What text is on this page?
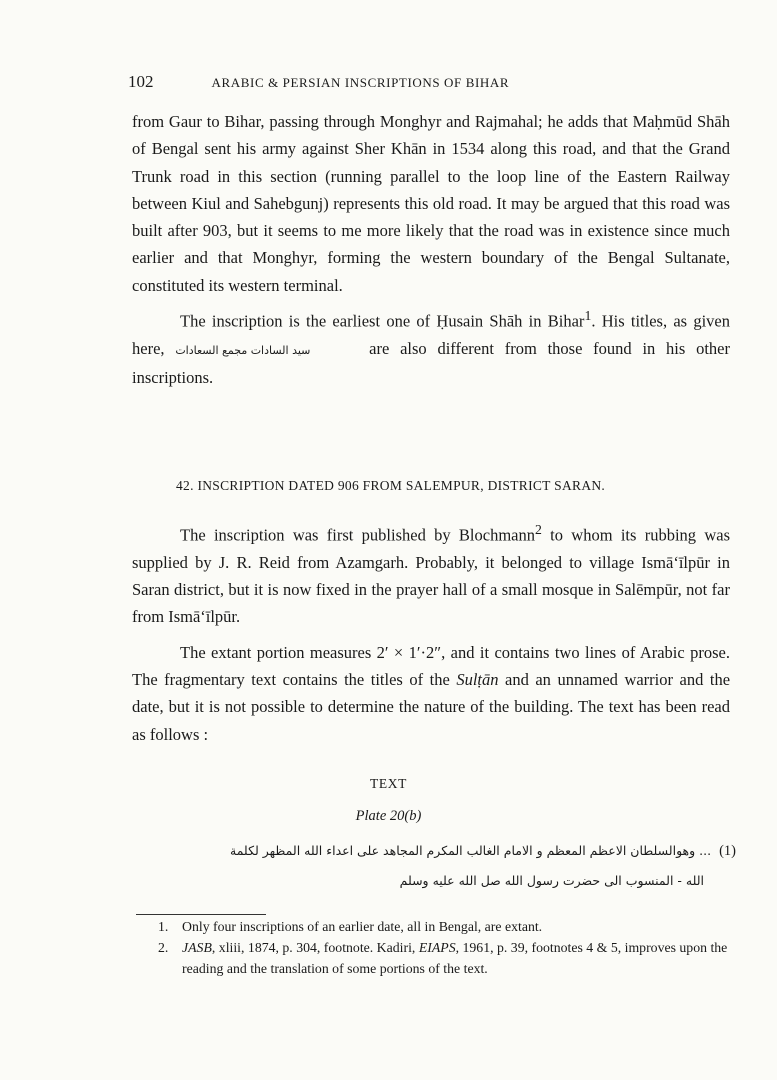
102	ARABIC & PERSIAN INSCRIPTIONS OF BIHAR

from Gaur to Bihar, passing through Monghyr and Rajmahal; he adds that Maḥmūd Shāh of Bengal sent his army against Sher Khān in 1534 along this road, and that the Grand Trunk road in this section (running parallel to the loop line of the Eastern Railway between Kiul and Sahebgunj) represents this old road. It may be argued that this road was built after 903, but it seems to me more likely that the road was in existence since much earlier and that Monghyr, forming the western boundary of the Bengal Sultanate, constituted its western terminal.

The inscription is the earliest one of Ḥusain Shāh in Bihar$^1$. His titles, as given here, سيد السادات مجمع السعادات	are also different from those found in his other inscriptions.

42. INSCRIPTION DATED 906 FROM SALEMPUR, DISTRICT SARAN.

The inscription was first published by Blochmann$^2$ to whom its rubbing was supplied by J. R. Reid from Azamgarh. Probably, it belonged to village Ismā‘īlpūr in Saran district, but it is now fixed in the prayer hall of a small mosque in Salēmpūr, not far from Ismā‘īlpūr.

The extant portion measures 2′ × 1′·2″, and it contains two lines of Arabic prose. The fragmentary text contains the titles of the Sulṭān and an unnamed warrior and the date, but it is not possible to determine the nature of the building. The text has been read as follows :

TEXT
Plate 20(b)
... وهوالسلطان الاعظم المعظم و الامام الغالب المكرم المجاهد على اعداء الله المظهر لكلمة (1)
الله - المنسوب الى حضرت رسول الله صل الله عليه وسلم
1. Only four inscriptions of an earlier date, all in Bengal, are extant.
2. JASB, xliii, 1874, p. 304, footnote. Kadiri, EIAPS, 1961, p. 39, footnotes 4 & 5, improves upon the reading and the translation of some portions of the text.
